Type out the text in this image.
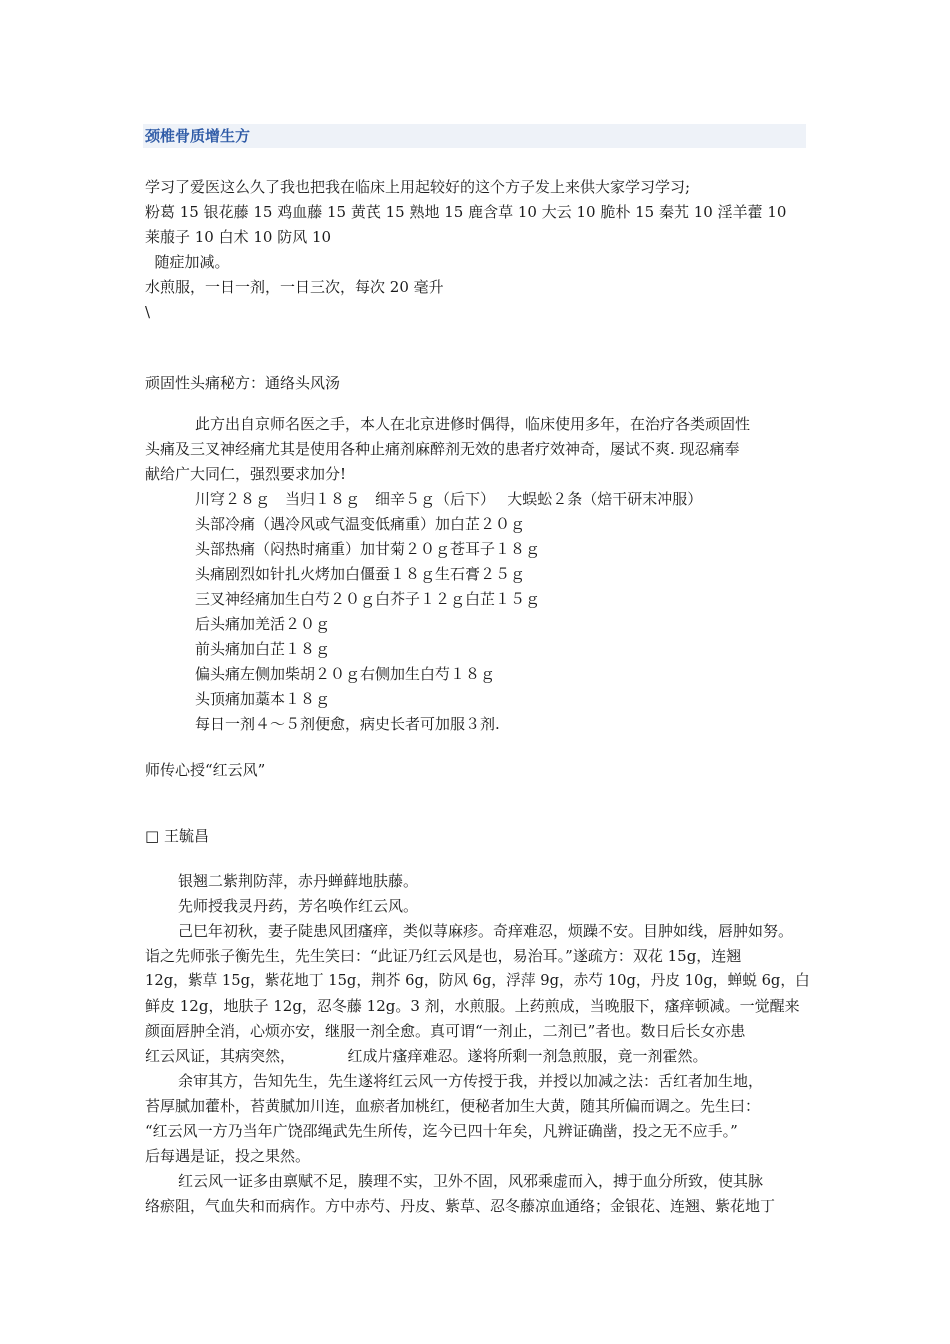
颈椎骨质增生方
学习了爱医这么久了我也把我在临床上用起较好的这个方子发上来供大家学习学习;
粉葛 15 银花藤 15 鸡血藤 15 黄芪 15 熟地 15 鹿含草 10 大云 10 脆朴 15 秦艽 10 淫羊藿 10
莱菔子 10 白术 10 防风 10
随症加减。
水煎服，一日一剂，一日三次，每次 20 毫升
\
顽固性头痛秘方：通络头风汤
此方出自京师名医之手，本人在北京进修时偶得，临床使用多年，在治疗各类顽固性
头痛及三叉神经痛尤其是使用各种止痛剂麻醉剂无效的患者疗效神奇，屡试不爽. 现忍痛奉
献给广大同仁，强烈要求加分!
川穹２８ｇ　当归１８ｇ　细辛５ｇ（后下）　 大蜈蚣２条（焙干研末冲服）
头部冷痛（遇冷风或气温变低痛重）加白芷２０ｇ
头部热痛（闷热时痛重）加甘菊２０ｇ苍耳子１８ｇ
头痛剧烈如针扎火烤加白僵蚕１８ｇ生石膏２５ｇ
三叉神经痛加生白芍２０ｇ白芥子１２ｇ白芷１５ｇ
后头痛加羌活２０ｇ
前头痛加白芷１８ｇ
偏头痛左侧加柴胡２０ｇ右侧加生白芍１８ｇ
头顶痛加藁本１８ｇ
每日一剂４～５剂便愈，病史长者可加服３剂.
师传心授“红云风”
□ 王毓昌
银翘二紫荆防萍，赤丹蝉藓地肤藤。
先师授我灵丹药，芳名唤作红云风。
己巳年初秋，妻子陡患风团瘙痒，类似荨麻疹。奇痒难忍，烦躁不安。目肿如线，唇肿如努。
诣之先师张子衡先生，先生笑曰：“此证乃红云风是也，易治耳。”遂疏方：双花 15g，连翘
12g，紫草 15g，紫花地丁 15g，荆芥 6g，防风 6g，浮萍 9g，赤芍 10g，丹皮 10g，蝉蜕 6g，白
鲜皮 12g，地肤子 12g，忍冬藤 12g。3 剂，水煎服。上药煎成，当晚服下，瘙痒顿减。一觉醒来
颜面唇肿全消，心烦亦安，继服一剂全愈。真可谓“一剂止，二剂已”者也。数日后长女亦患
红云风证，其病突然，　　　　红成片瘙痒难忍。遂将所剩一剂急煎服，竟一剂霍然。
余审其方，告知先生，先生遂将红云风一方传授于我，并授以加减之法：舌红者加生地，
苔厚腻加藿朴，苔黄腻加川连，血瘀者加桃红，便秘者加生大黄，随其所偏而调之。先生曰：
“红云风一方乃当年广饶邵绳武先生所传，迄今已四十年矣，凡辨证确凿，投之无不应手。”
后每遇是证，投之果然。
红云风一证多由禀赋不足，腠理不实，卫外不固，风邪乘虚而入，搏于血分所致，使其脉
络瘀阻，气血失和而病作。方中赤芍、丹皮、紫草、忍冬藤凉血通络；金银花、连翘、紫花地丁
